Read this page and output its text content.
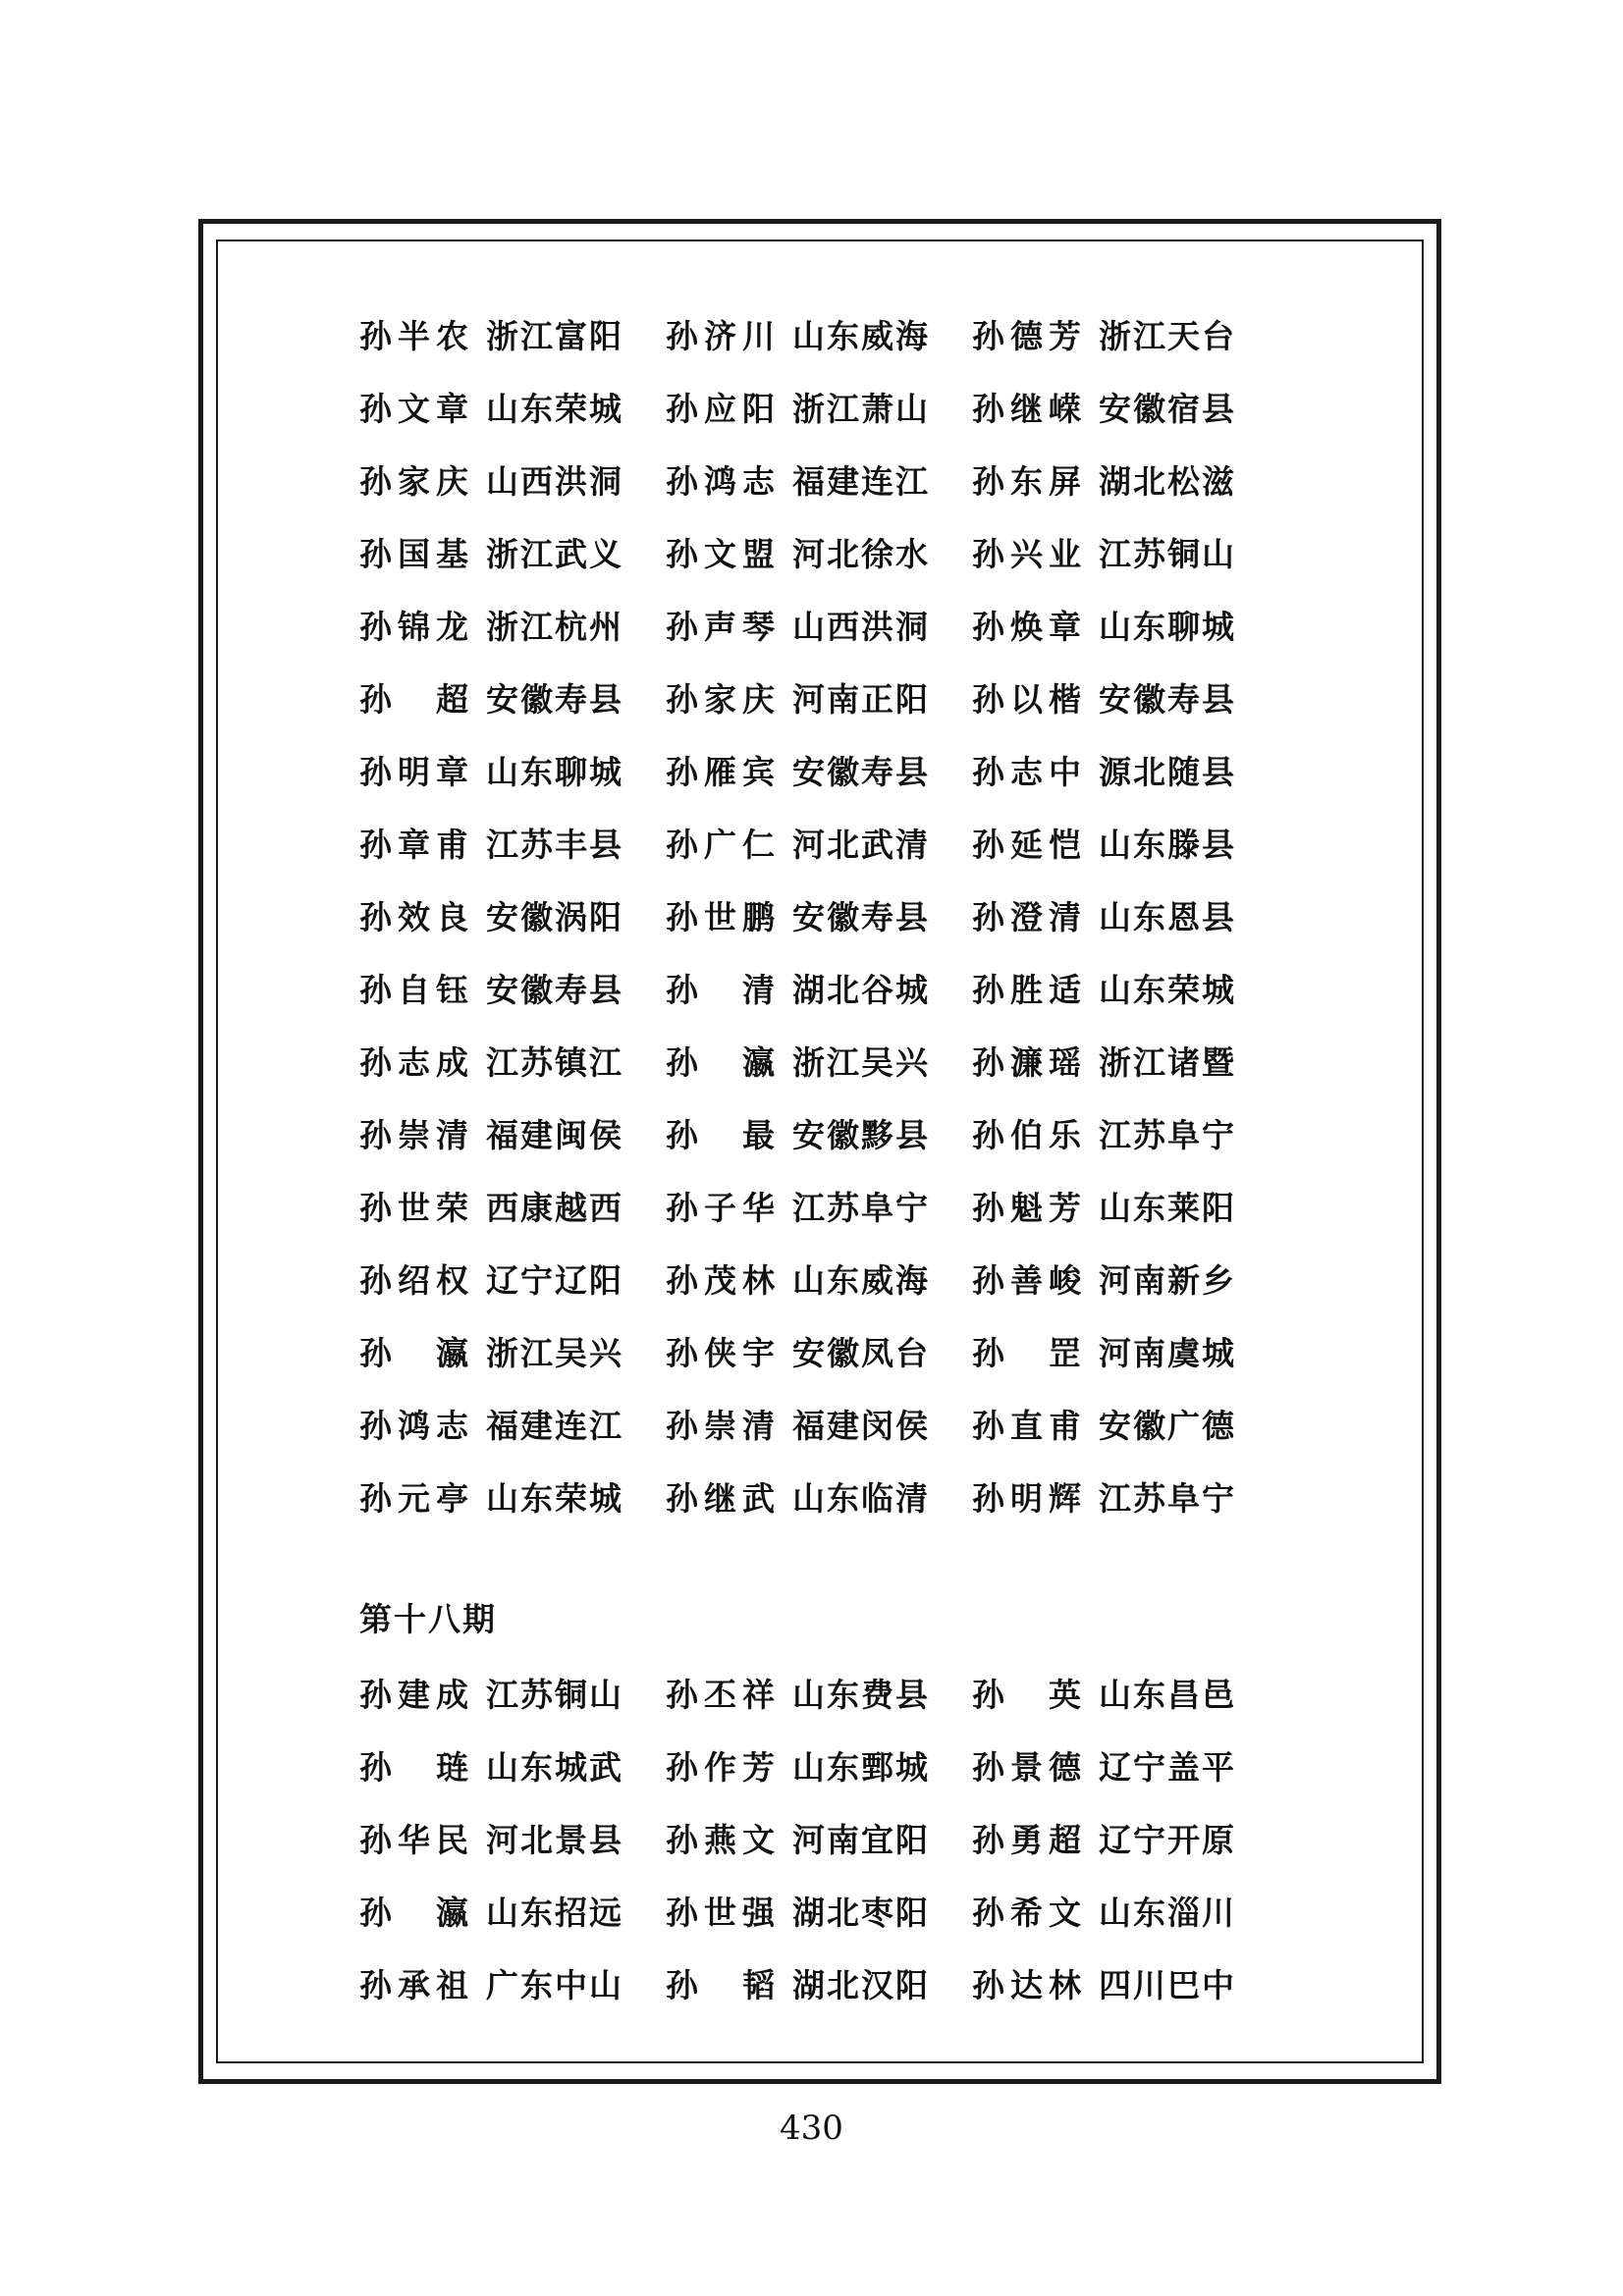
孙半农 浙江富阳 孙济川 山东威海 孙德芳 浙江天台
孙文章 山东荣城 孙应阳 浙江萧山 孙继嵘 安徽宿县
孙家庆 山西洪洞 孙鸿志 福建连江 孙东屏 湖北松滋
孙国基 浙江武义 孙文盟 河北徐水 孙兴业 江苏铜山
孙锦龙 浙江杭州 孙声琴 山西洪洞 孙焕章 山东聊城
孙 超 安徽寿县 孙家庆 河南正阳 孙以楷 安徽寿县
孙明章 山东聊城 孙雁宾 安徽寿县 孙志中 源北随县
孙章甫 江苏丰县 孙广仁 河北武清 孙延恺 山东滕县
孙效良 安徽涡阳 孙世鹏 安徽寿县 孙澄清 山东恩县
孙自钰 安徽寿县 孙 清 湖北谷城 孙胜适 山东荣城
孙志成 江苏镇江 孙 瀛 浙江吴兴 孙濂瑶 浙江诸暨
孙崇清 福建闽侯 孙 最 安徽黟县 孙伯乐 江苏阜宁
孙世荣 西康越西 孙子华 江苏阜宁 孙魁芳 山东莱阳
孙绍权 辽宁辽阳 孙茂林 山东威海 孙善峻 河南新乡
孙 瀛 浙江吴兴 孙侠宇 安徽凤台 孙 罡 河南虞城
孙鸿志 福建连江 孙崇清 福建闵侯 孙直甫 安徽广德
孙元亭 山东荣城 孙继武 山东临清 孙明辉 江苏阜宁
第十八期
孙建成 江苏铜山 孙丕祥 山东费县 孙 英 山东昌邑
孙 琏 山东城武 孙作芳 山东鄄城 孙景德 辽宁盖平
孙华民 河北景县 孙燕文 河南宜阳 孙勇超 辽宁开原
孙 瀛 山东招远 孙世强 湖北枣阳 孙希文 山东淄川
孙承祖 广东中山 孙 韬 湖北汉阳 孙达林 四川巴中
430
